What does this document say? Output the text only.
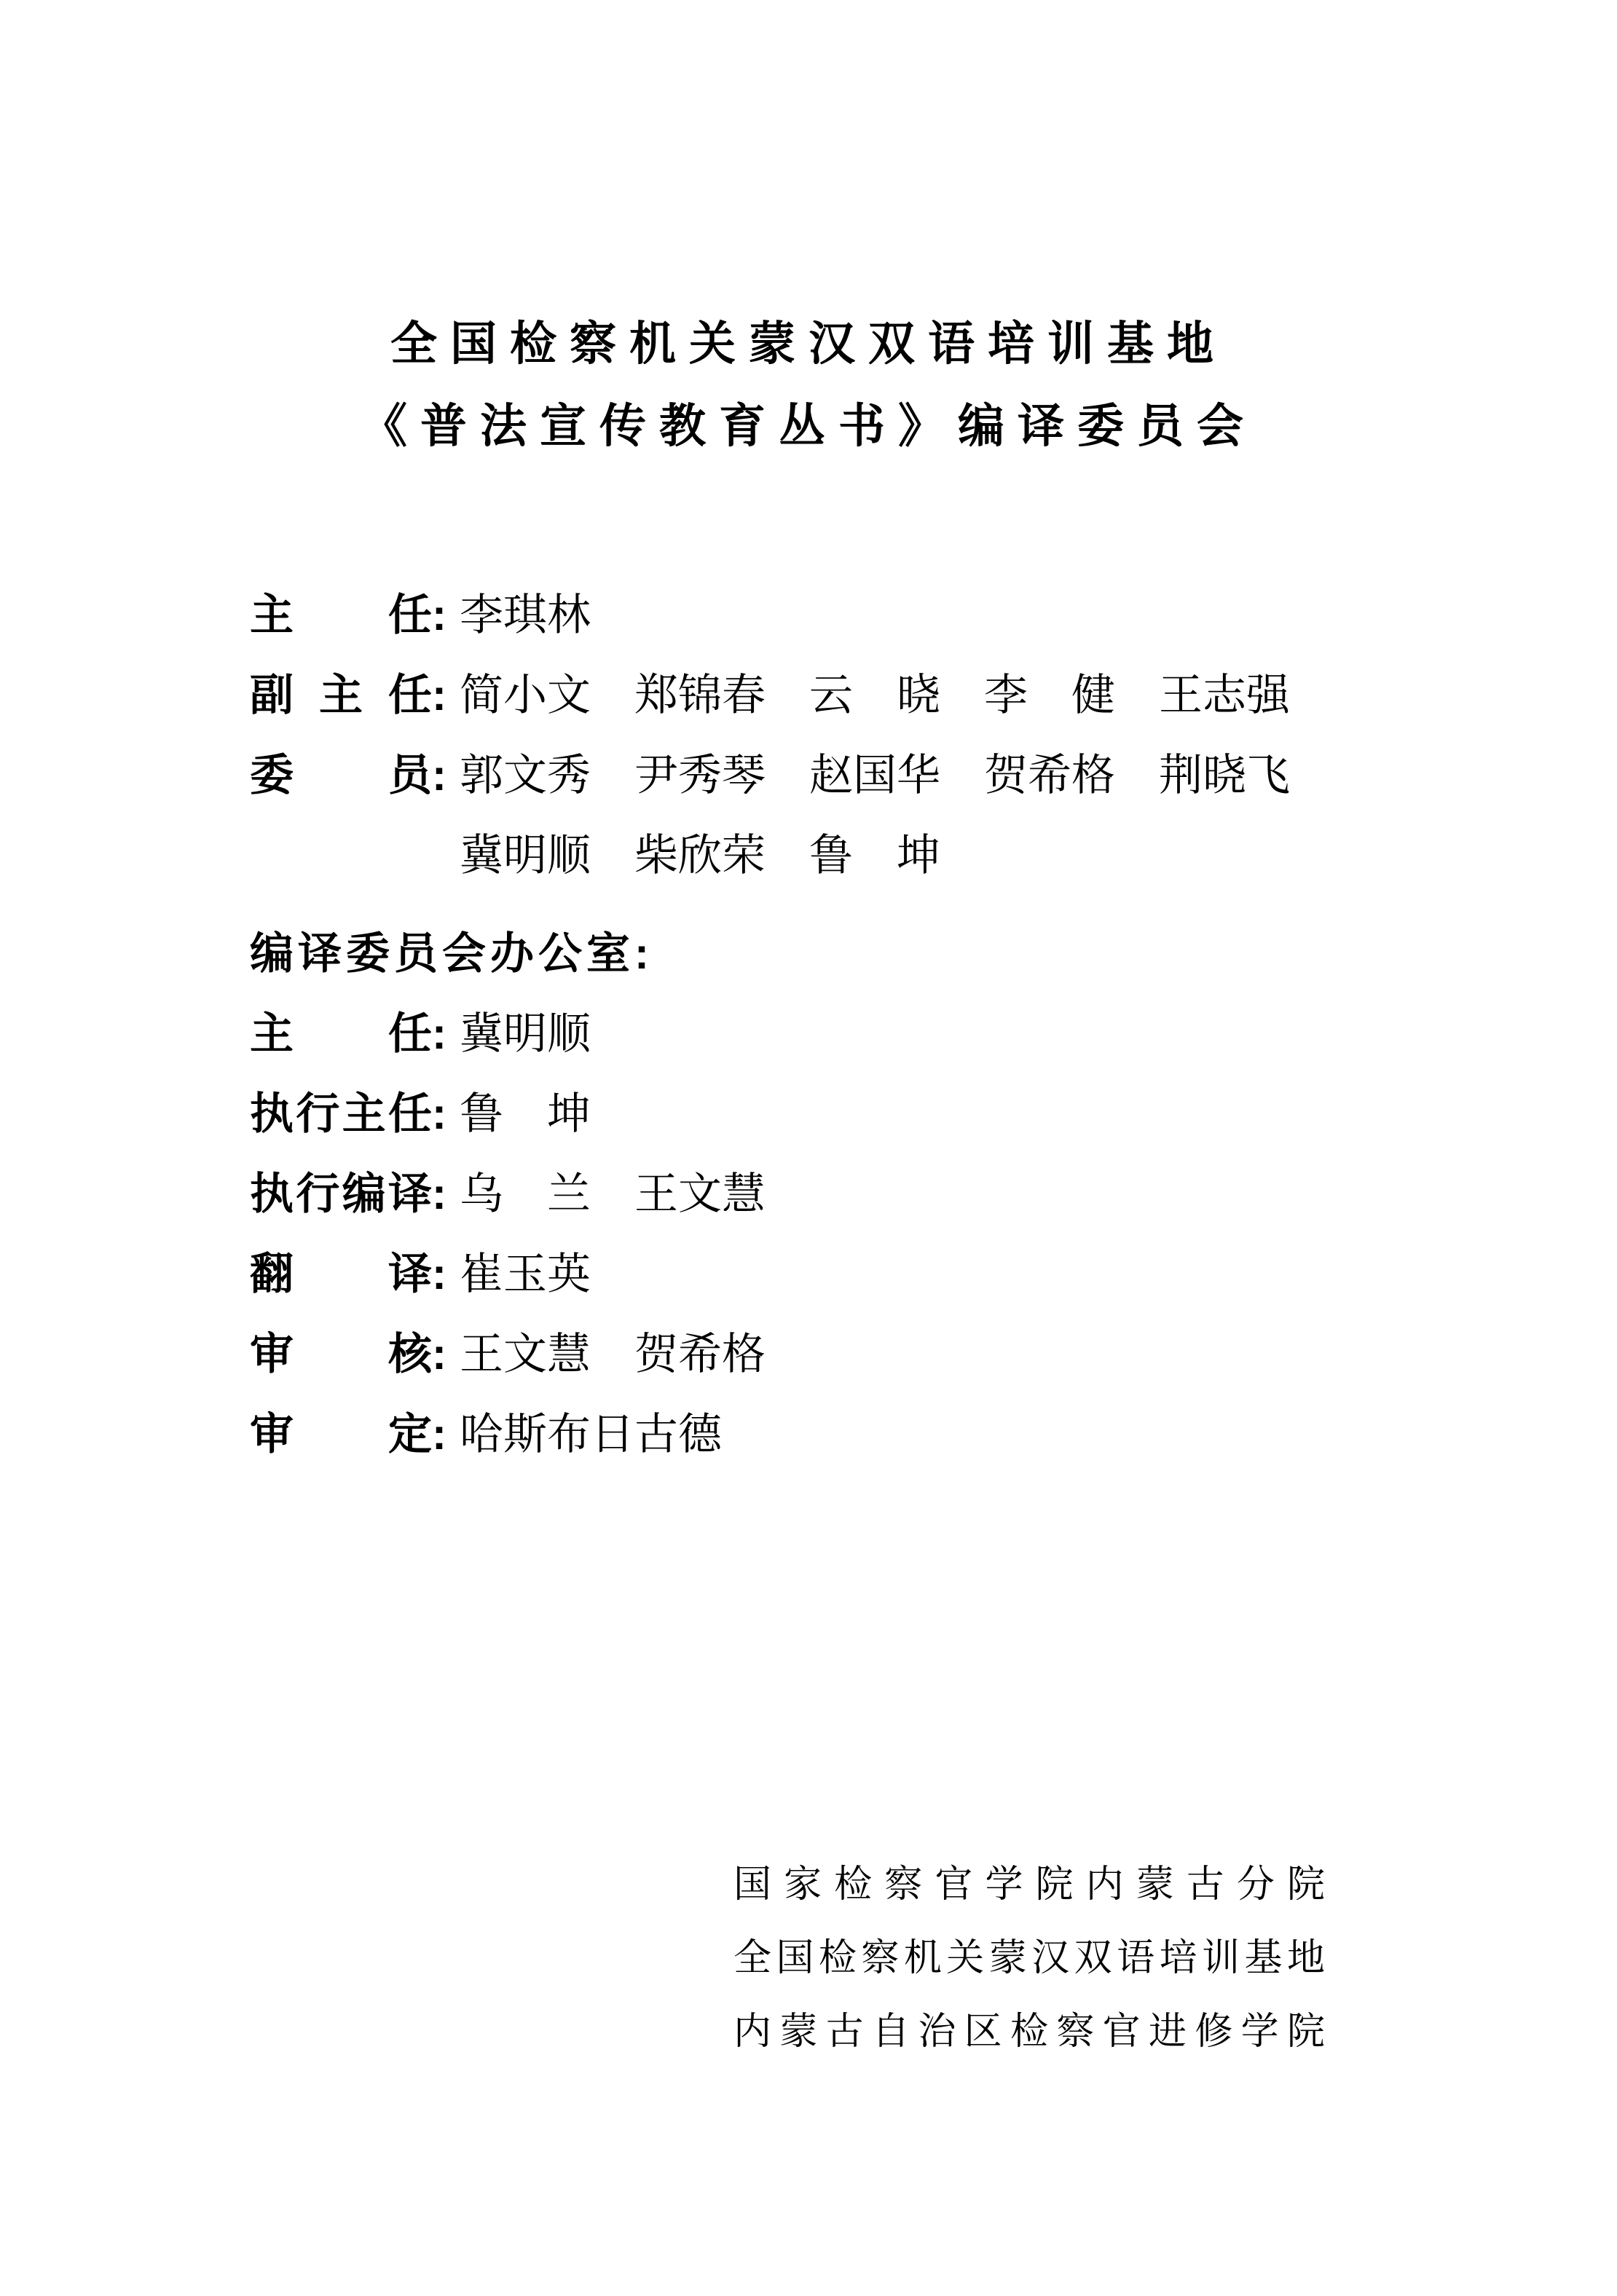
全国检察机关蒙汉双语培训基地
《普法宣传教育丛书》编译委员会
主任 : 李琪林
副主任 : 简小文　郑锦春　云　晓　李　健　王志强
委员 : 郭文秀　尹秀琴　赵国华　贺希格　荆晓飞
冀明顺　柴欣荣　鲁　坤
编译委员会办公室:
主任 : 冀明顺
执行主任 : 鲁　坤
执行编译 : 乌　兰　王文慧
翻译 : 崔玉英
审核 : 王文慧　贺希格
审定 : 哈斯布日古德
国家检察官学院内蒙古分院
全国检察机关蒙汉双语培训基地
内蒙古自治区检察官进修学院
